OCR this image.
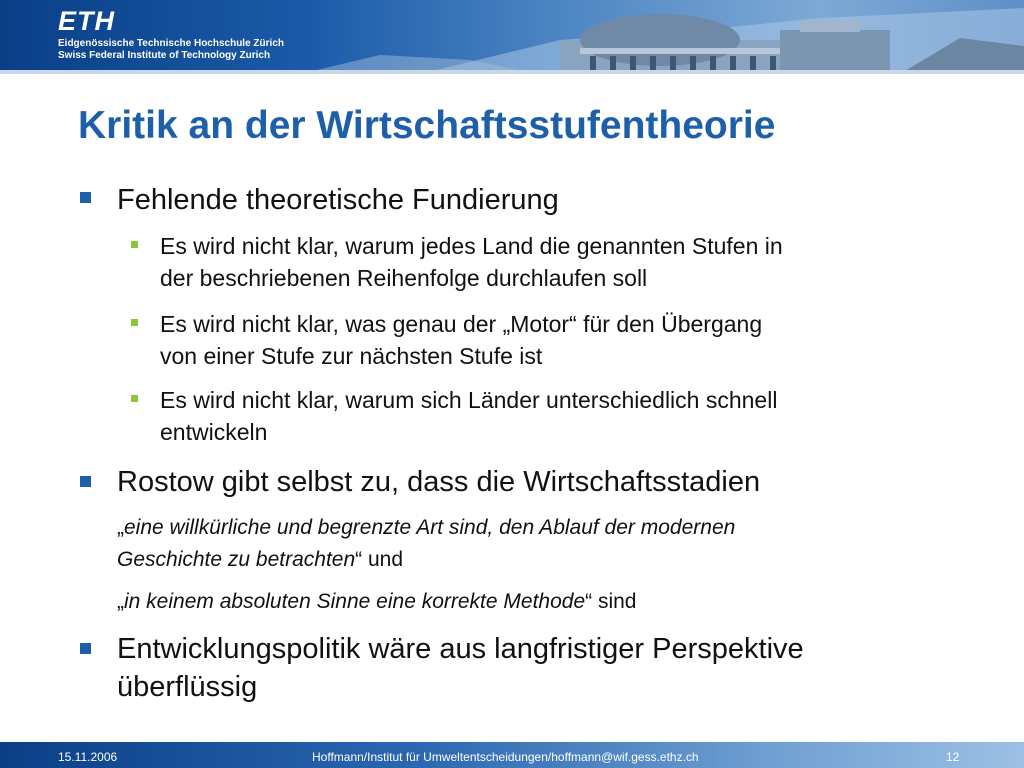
ETH
Eidgenössische Technische Hochschule Zürich
Swiss Federal Institute of Technology Zurich
Kritik an der Wirtschaftsstufentheorie
Fehlende theoretische Fundierung
Es wird nicht klar, warum jedes Land die genannten Stufen in
der beschriebenen Reihenfolge durchlaufen soll
Es wird nicht klar, was genau der „Motor“ für den Übergang
von einer Stufe zur nächsten Stufe ist
Es wird nicht klar, warum sich Länder unterschiedlich schnell
entwickeln
Rostow gibt selbst zu, dass die Wirtschaftsstadien
„eine willkürliche und begrenzte Art sind, den Ablauf der modernen
Geschichte zu betrachten“ und
„in keinem absoluten Sinne eine korrekte Methode“ sind
Entwicklungspolitik wäre aus langfristiger Perspektive
überflüssig
15.11.2006	Hoffmann/Institut für Umweltentscheidungen/hoffmann@wif.gess.ethz.ch	12
